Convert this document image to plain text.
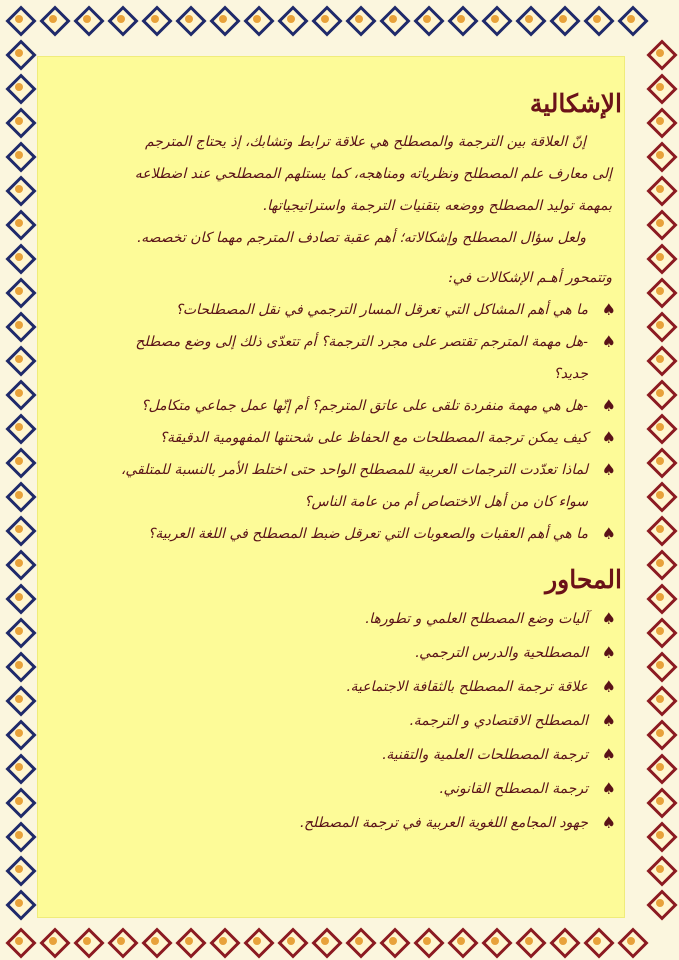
الإشكالية

إنّ العلاقة بين الترجمة والمصطلح هي علاقة ترابط وتشابك، إذ يحتاج المترجم

إلى معارف علم المصطلح ونظرياته ومناهجه، كما يستلهم المصطلحي عند اضطلاعه

بمهمة توليد المصطلح ووضعه بتقنيات الترجمة واستراتيجياتها.

ولعل سؤال المصطلح وإشكالاته؛ أهم عقبة تصادف المترجم مهما كان تخصصه.

وتتمحور أهـم الإشكالات في:

♠
ما هي أهم المشاكل التي تعرقل المسار الترجمي في نقل المصطلحات؟
♠
-هل مهمة المترجم تقتصر على مجرد الترجمة؟ أم تتعدّى ذلك إلى وضع مصطلح
جديد؟
♠
-هل هي مهمة منفردة تلقى على عاتق المترجم؟ أم إنّها عمل جماعي متكامل؟
♠
كيف يمكن ترجمة المصطلحات مع الحفاظ على شحنتها المفهومية الدقيقة؟
♠
لماذا تعدّدت الترجمات العربية للمصطلح الواحد حتى اختلط الأمر بالنسبة للمتلقي،
سواء كان من أهل الاختصاص أم من عامة الناس؟
♠
ما هي أهم العقبات والصعوبات التي تعرقل ضبط المصطلح في اللغة العربية؟
المحاور
♠
آليات وضع المصطلح العلمي و تطورها.
♠
المصطلحية والدرس الترجمي.
♠
علاقة ترجمة المصطلح بالثقافة الاجتماعية.
♠
المصطلح الاقتصادي و الترجمة.
♠
ترجمة المصطلحات العلمية والتقنية.
♠
ترجمة المصطلح القانوني.
♠
جهود المجامع اللغوية العربية في ترجمة المصطلح.
